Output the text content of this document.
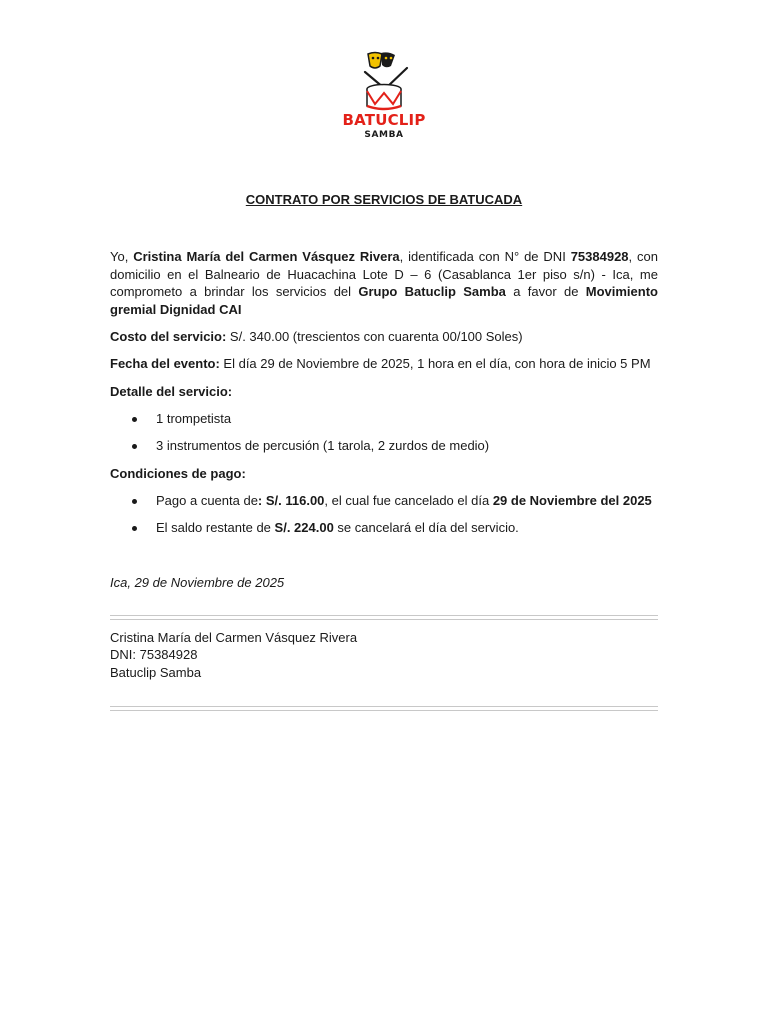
BATUCLIP
SAMBA
CONTRATO POR SERVICIOS DE BATUCADA
Yo, Cristina María del Carmen Vásquez Rivera, identificada con N° de DNI 75384928, con domicilio en el Balneario de Huacachina Lote D – 6 (Casablanca 1er piso s/n) - Ica, me comprometo a brindar los servicios del Grupo Batuclip Samba a favor de Movimiento gremial Dignidad CAI
Costo del servicio: S/. 340.00 (trescientos con cuarenta 00/100 Soles)
Fecha del evento: El día 29 de Noviembre de 2025, 1 hora en el día, con hora de inicio 5 PM
Detalle del servicio:
1 trompetista
3 instrumentos de percusión (1 tarola, 2 zurdos de medio)
Condiciones de pago:
Pago a cuenta de: S/. 116.00, el cual fue cancelado el día 29 de Noviembre del 2025
El saldo restante de S/. 224.00 se cancelará el día del servicio.
Ica, 29 de Noviembre de 2025
Cristina María del Carmen Vásquez Rivera
DNI: 75384928
Batuclip Samba
